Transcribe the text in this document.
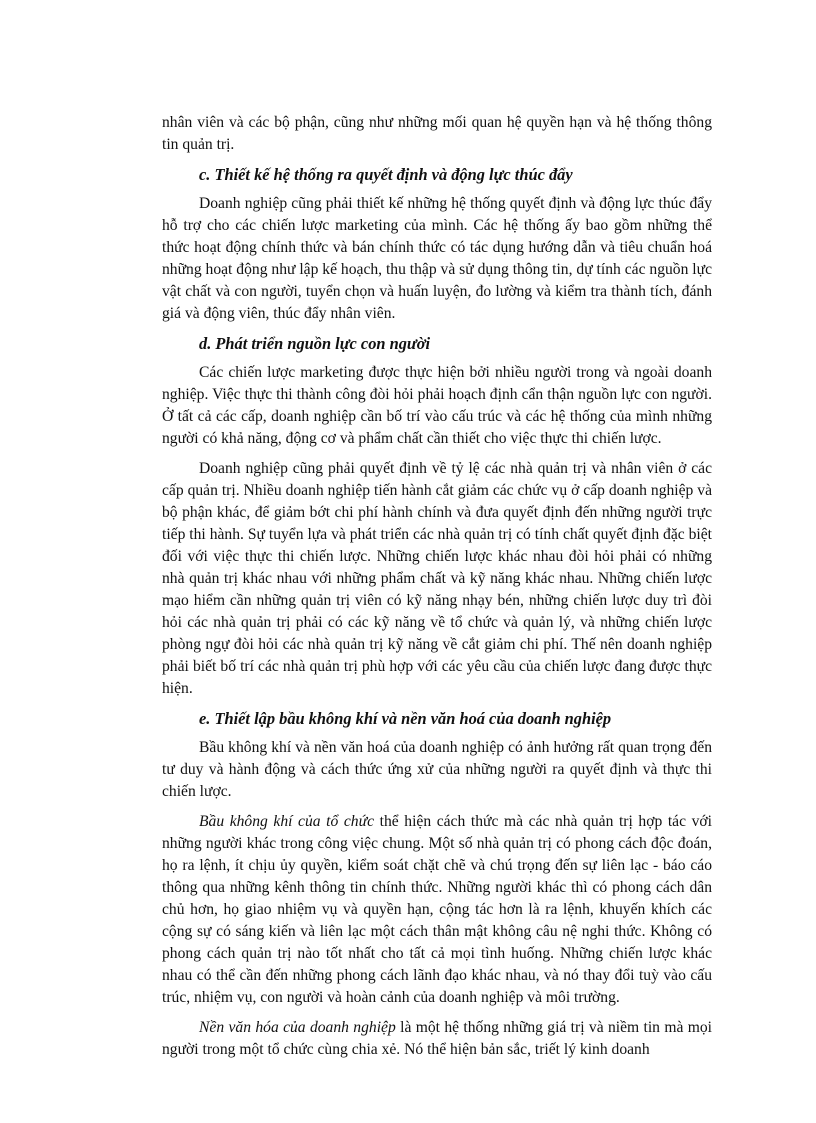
nhân viên và các bộ phận, cũng như những mối quan hệ quyền hạn và hệ thống thông tin quản trị.

c. Thiết kế hệ thống ra quyết định và động lực thúc đẩy

Doanh nghiệp cũng phải thiết kế những hệ thống quyết định và động lực thúc đẩy hỗ trợ cho các chiến lược marketing của mình. Các hệ thống ấy bao gồm những thể thức hoạt động chính thức và bán chính thức có tác dụng hướng dẫn và tiêu chuẩn hoá những hoạt động như lập kế hoạch, thu thập và sử dụng thông tin, dự tính các nguồn lực vật chất và con người, tuyển chọn và huấn luyện, đo lường và kiểm tra thành tích, đánh giá và động viên, thúc đẩy nhân viên.

d. Phát triển nguồn lực con người

Các chiến lược marketing được thực hiện bởi nhiều người trong và ngoài doanh nghiệp. Việc thực thi thành công đòi hỏi phải hoạch định cẩn thận nguồn lực con người. Ở tất cả các cấp, doanh nghiệp cần bố trí vào cấu trúc và các hệ thống của mình những người có khả năng, động cơ và phẩm chất cần thiết cho việc thực thi chiến lược.

Doanh nghiệp cũng phải quyết định về tỷ lệ các nhà quản trị và nhân viên ở các cấp quản trị. Nhiều doanh nghiệp tiến hành cắt giảm các chức vụ ở cấp doanh nghiệp và bộ phận khác, để giảm bớt chi phí hành chính và đưa quyết định đến những người trực tiếp thi hành. Sự tuyển lựa và phát triển các nhà quản trị có tính chất quyết định đặc biệt đối với việc thực thi chiến lược. Những chiến lược khác nhau đòi hỏi phải có những nhà quản trị khác nhau với những phẩm chất và kỹ năng khác nhau. Những chiến lược mạo hiểm cần những quản trị viên có kỹ năng nhạy bén, những chiến lược duy trì đòi hỏi các nhà quản trị phải có các kỹ năng về tổ chức và quản lý, và những chiến lược phòng ngự đòi hỏi các nhà quản trị kỹ năng về cắt giảm chi phí. Thế nên doanh nghiệp phải biết bố trí các nhà quản trị phù hợp với các yêu cầu của chiến lược đang được thực hiện.

e. Thiết lập bầu không khí và nền văn hoá của doanh nghiệp

Bầu không khí và nền văn hoá của doanh nghiệp có ảnh hưởng rất quan trọng đến tư duy và hành động và cách thức ứng xử của những người ra quyết định và thực thi chiến lược.

Bầu không khí của tổ chức thể hiện cách thức mà các nhà quản trị hợp tác với những người khác trong công việc chung. Một số nhà quản trị có phong cách độc đoán, họ ra lệnh, ít chịu ủy quyền, kiểm soát chặt chẽ và chú trọng đến sự liên lạc - báo cáo thông qua những kênh thông tin chính thức. Những người khác thì có phong cách dân chủ hơn, họ giao nhiệm vụ và quyền hạn, cộng tác hơn là ra lệnh, khuyến khích các cộng sự có sáng kiến và liên lạc một cách thân mật không câu nệ nghi thức. Không có phong cách quản trị nào tốt nhất cho tất cả mọi tình huống. Những chiến lược khác nhau có thể cần đến những phong cách lãnh đạo khác nhau, và nó thay đổi tuỳ vào cấu trúc, nhiệm vụ, con người và hoàn cảnh của doanh nghiệp và môi trường.

Nền văn hóa của doanh nghiệp là một hệ thống những giá trị và niềm tin mà mọi người trong một tổ chức cùng chia xẻ. Nó thể hiện bản sắc, triết lý kinh doanh
